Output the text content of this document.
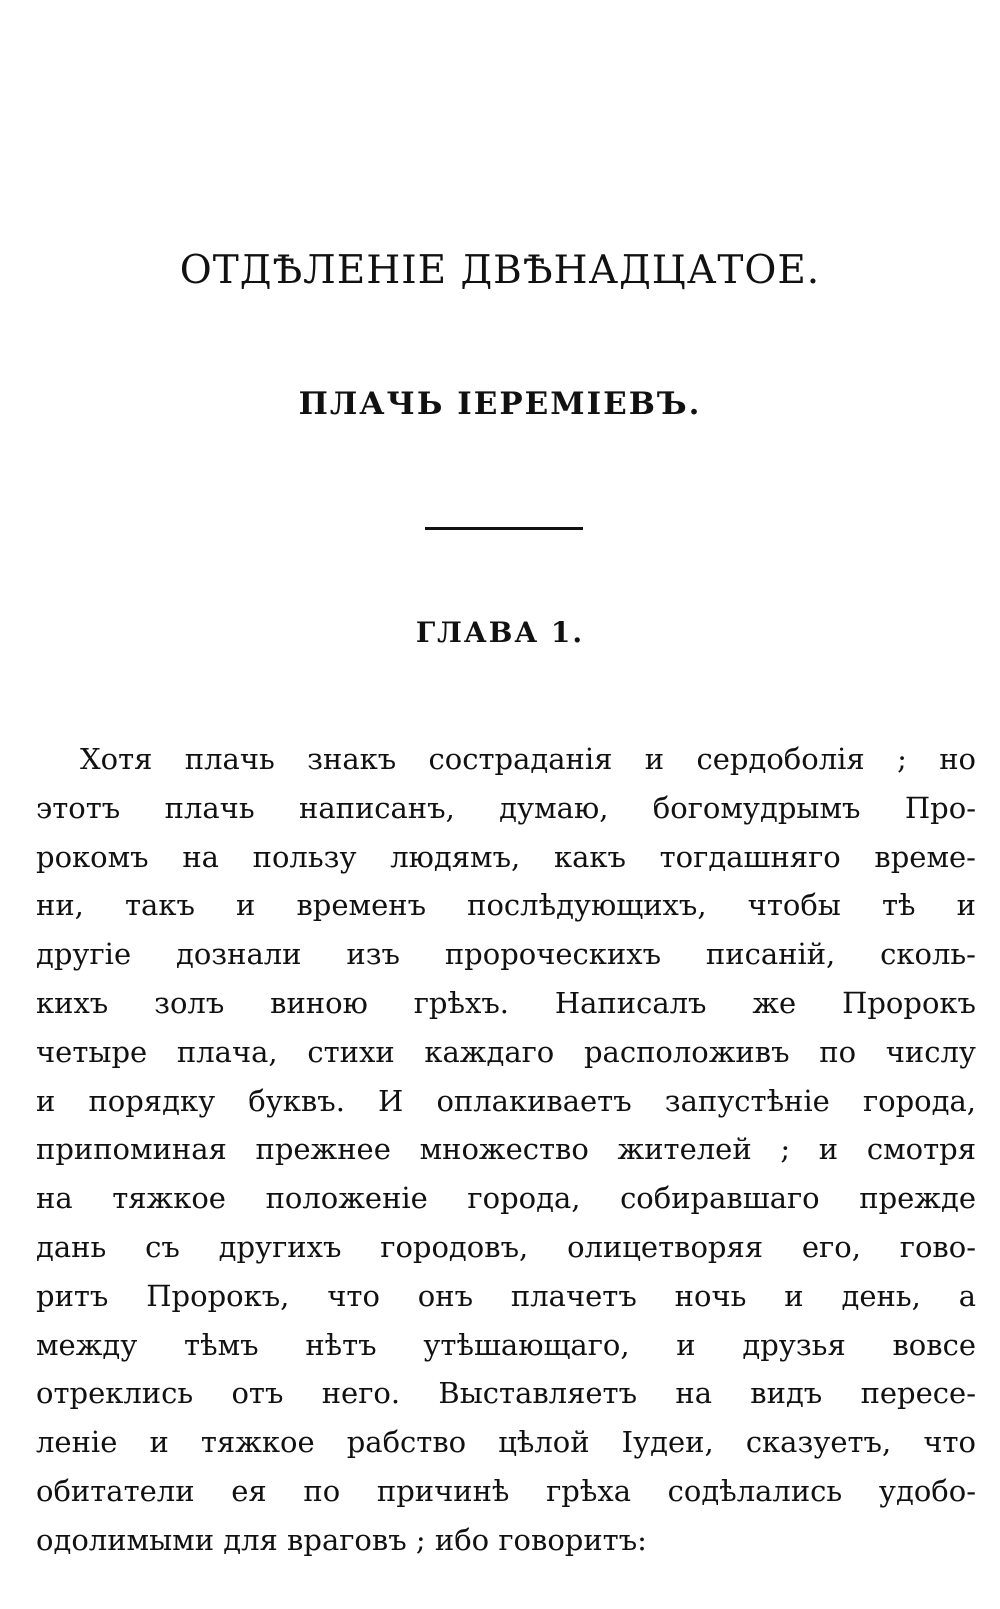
ОТДѢЛЕНІЕ ДВѢНАДЦАТОЕ.
ПЛАЧЬ ІЕРЕМІЕВЪ.
ГЛАВА 1.

Хотя плачь знакъ состраданія и сердоболія ; но
этотъ плачь написанъ, думаю, богомудрымъ Про-
рокомъ на пользу людямъ, какъ тогдашняго време-
ни, такъ и временъ послѣдующихъ, чтобы тѣ и
другіе дознали изъ пророческихъ писаній, сколь-
кихъ золъ виною грѣхъ. Написалъ же Пророкъ
четыре плача, стихи каждаго расположивъ по числу
и порядку буквъ. И оплакиваетъ запустѣніе города,
припоминая прежнее множество жителей ; и смотря
на тяжкое положеніе города, собиравшаго прежде
дань съ другихъ городовъ, олицетворяя его, гово-
ритъ Пророкъ, что онъ плачетъ ночь и день, а
между тѣмъ нѣтъ утѣшающаго, и друзья вовсе
отреклись отъ него. Выставляетъ на видъ пересе-
леніе и тяжкое рабство цѣлой Іудеи, сказуетъ, что
обитатели ея по причинѣ грѣха содѣлались удобо-
одолимыми для враговъ ; ибо говоритъ:
